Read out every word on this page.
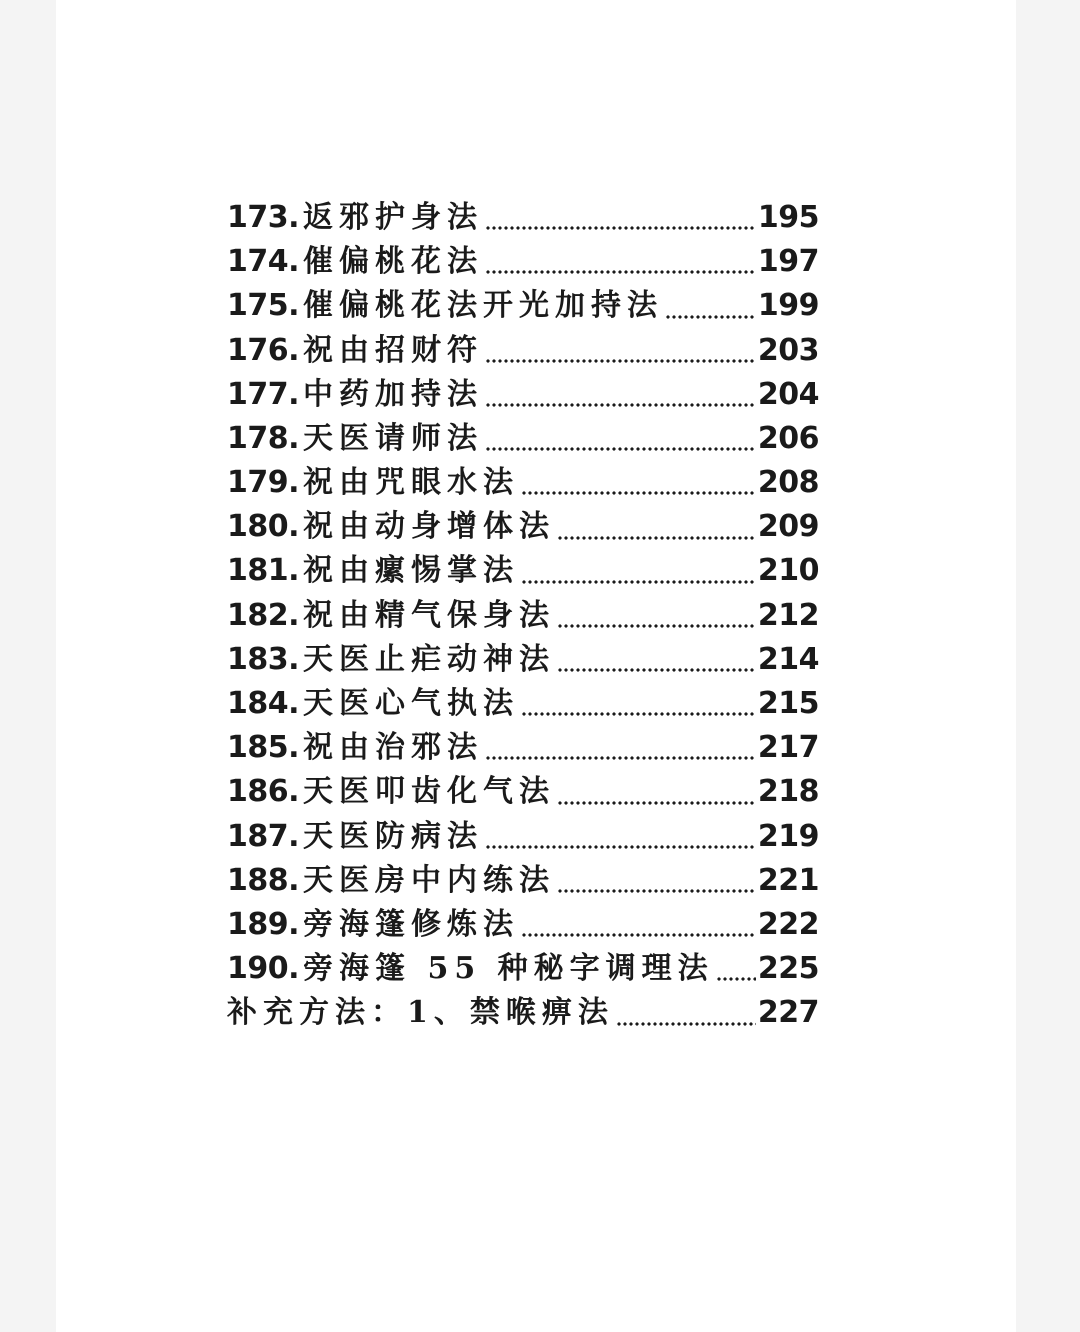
173. 返邪护身法	195
174. 催偏桃花法	197
175. 催偏桃花法开光加持法	199
176. 祝由招财符	203
177. 中药加持法	204
178. 天医请师法	206
179. 祝由咒眼水法	208
180. 祝由动身增体法	209
181. 祝由瘰惕掌法	210
182. 祝由精气保身法	212
183. 天医止疟动神法	214
184. 天医心气执法	215
185. 祝由治邪法	217
186. 天医叩齿化气法	218
187. 天医防病法	219
188. 天医房中内练法	221
189. 旁海篷修炼法	222
190. 旁海篷 55 种秘字调理法 225
补充方法：1、禁喉痹法	227
